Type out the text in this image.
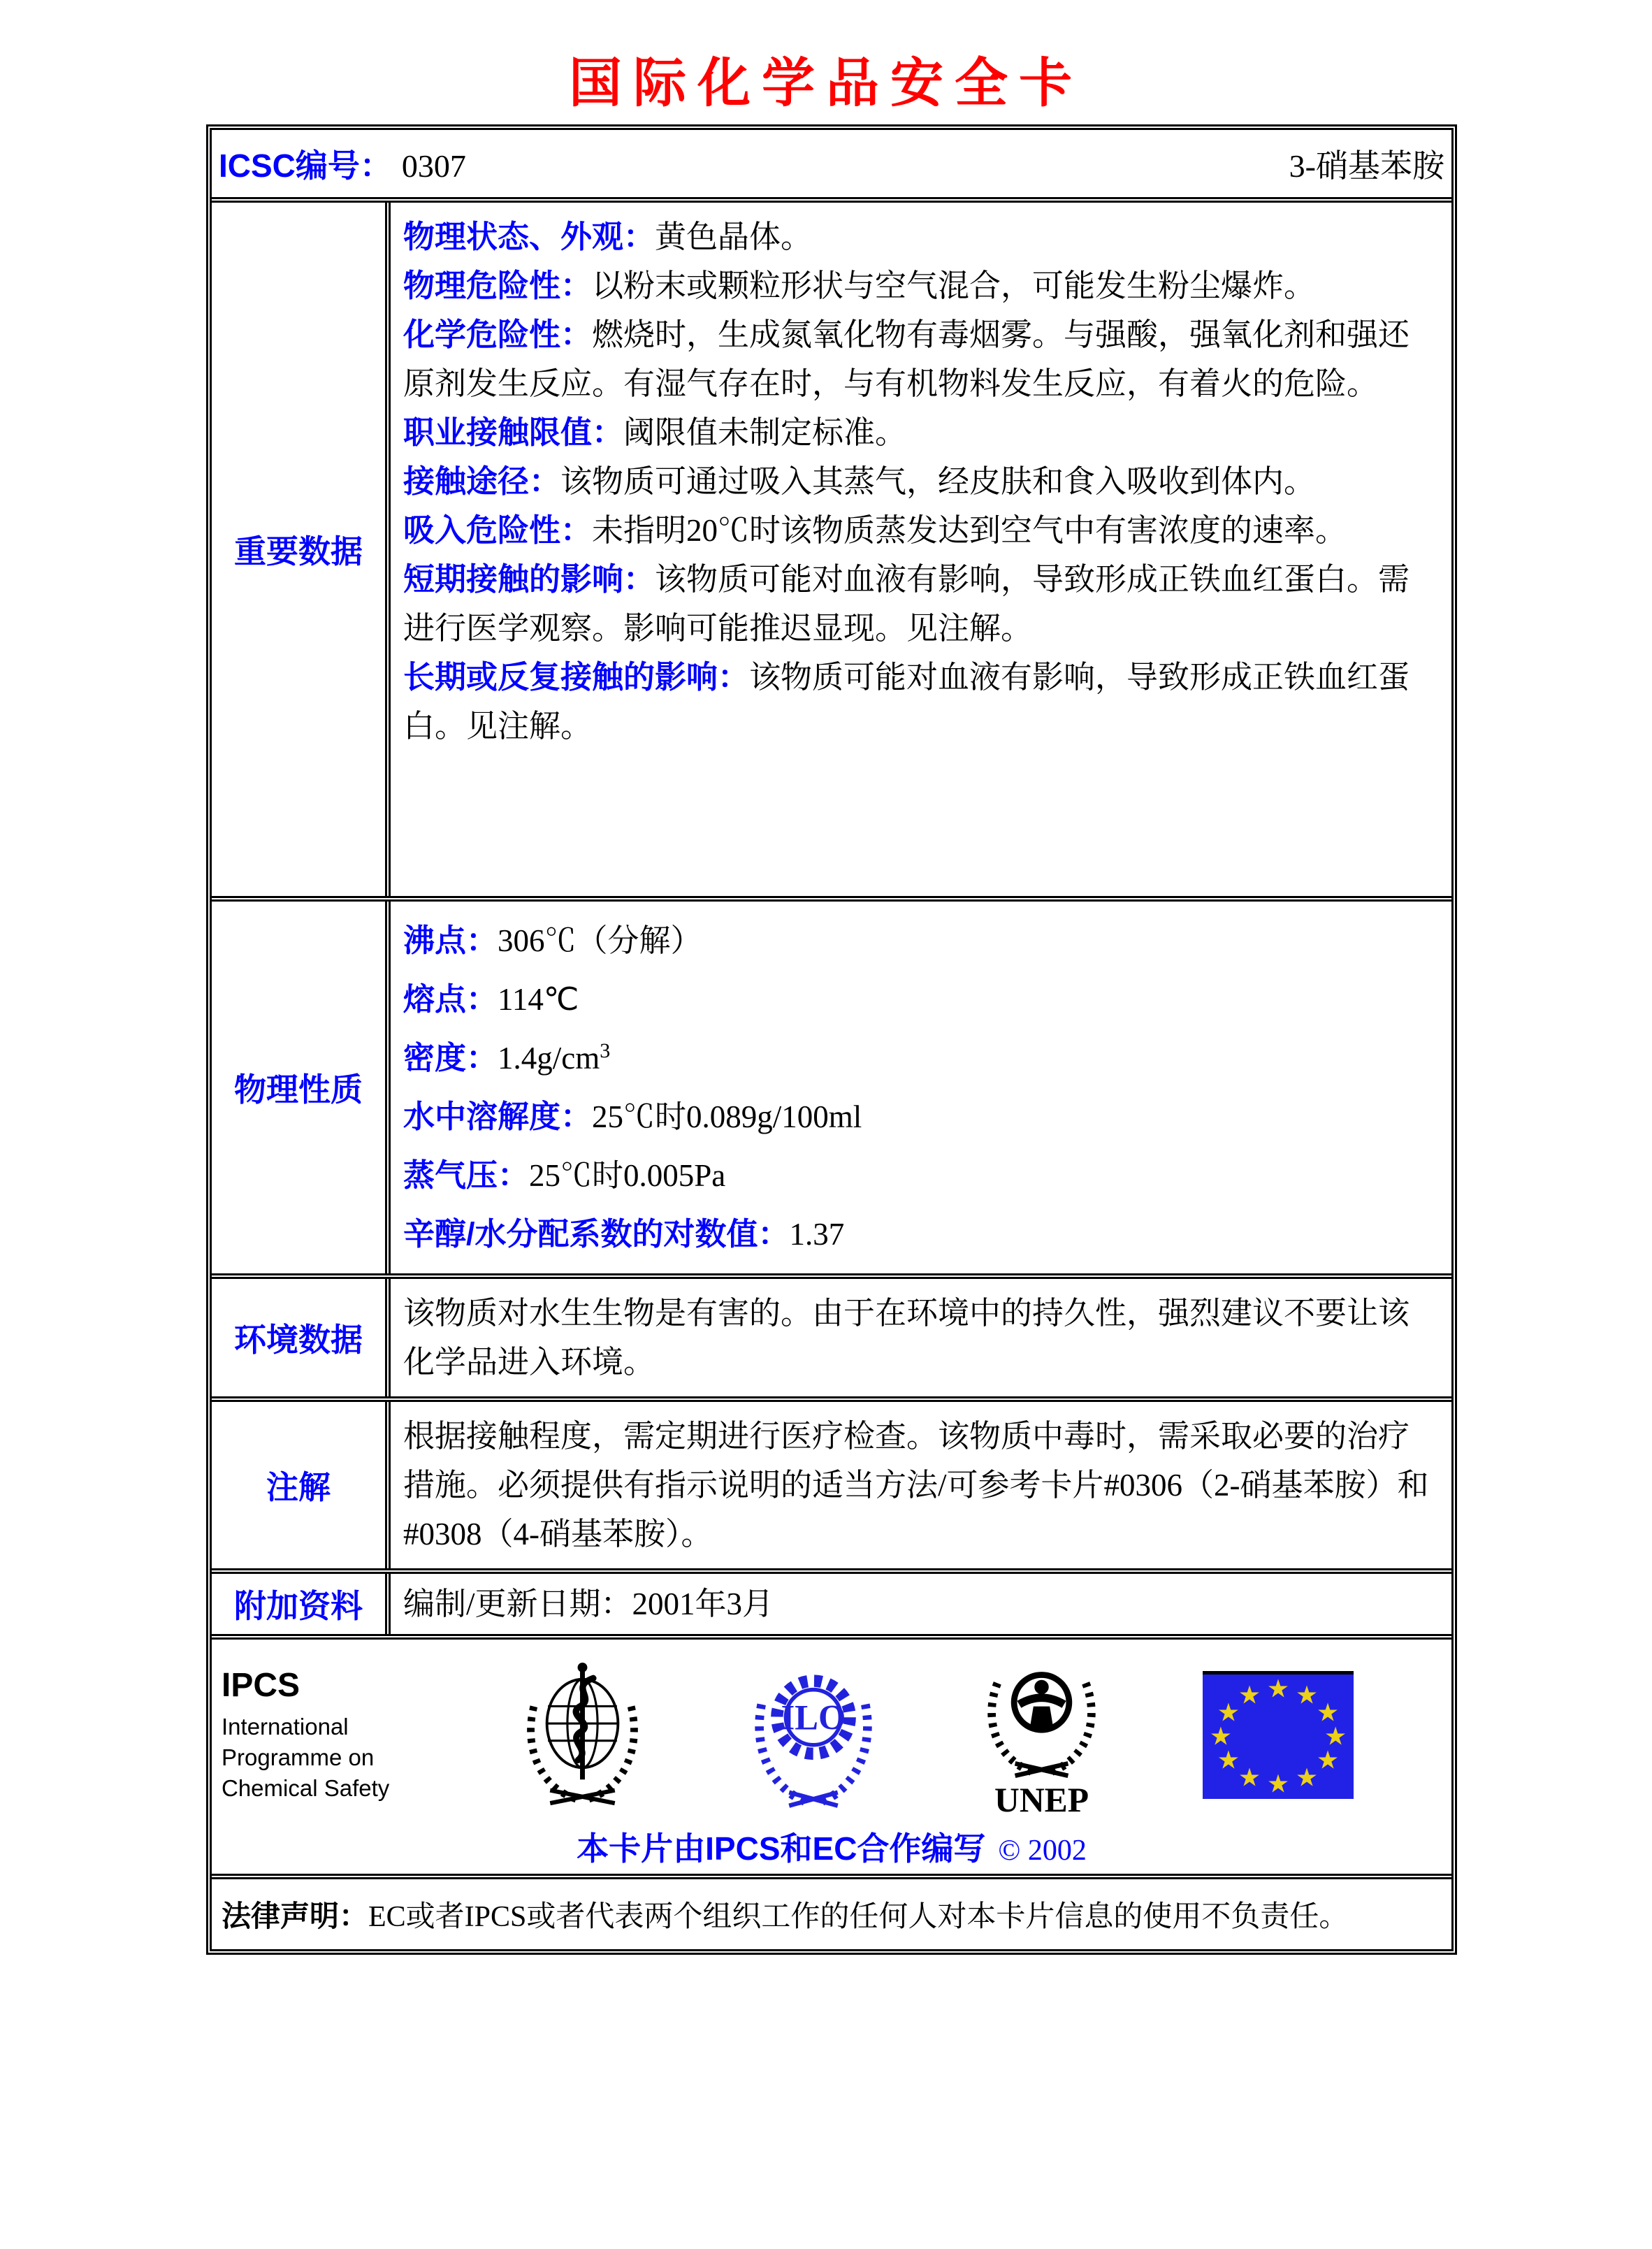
国际化学品安全卡
ICSC编号： 0307	3-硝基苯胺
重要数据

物理状态、外观：黄色晶体。

物理危险性：以粉末或颗粒形状与空气混合，可能发生粉尘爆炸。

化学危险性：燃烧时，生成氮氧化物有毒烟雾。与强酸，强氧化剂和强还原剂发生反应。有湿气存在时，与有机物料发生反应，有着火的危险。

职业接触限值：阈限值未制定标准。

接触途径：该物质可通过吸入其蒸气，经皮肤和食入吸收到体内。

吸入危险性：未指明20℃时该物质蒸发达到空气中有害浓度的速率。

短期接触的影响：该物质可能对血液有影响，导致形成正铁血红蛋白。需进行医学观察。影响可能推迟显现。见注解。

长期或反复接触的影响：该物质可能对血液有影响，导致形成正铁血红蛋白。见注解。

物理性质

沸点：306℃（分解）

熔点：114℃

密度：$1.4g/cm^3$

水中溶解度：25℃时0.089g/100ml

蒸气压：25℃时0.005Pa

辛醇/水分配系数的对数值：1.37

环境数据

该物质对水生生物是有害的。由于在环境中的持久性，强烈建议不要让该化学品进入环境。

注解

根据接触程度，需定期进行医疗检查。该物质中毒时，需采取必要的治疗措施。必须提供有指示说明的适当方法/可参考卡片#0306（2-硝基苯胺）和#0308（4-硝基苯胺）。

附加资料	编制/更新日期：2001年3月

IPCS
International
Programme on
Chemical Safety
ILO
UNEP
★
★
★
★
★
★
★
★
★
★
★
★
本卡片由IPCS和EC合作编写 © 2002

法律声明：EC或者IPCS或者代表两个组织工作的任何人对本卡片信息的使用不负责任。
